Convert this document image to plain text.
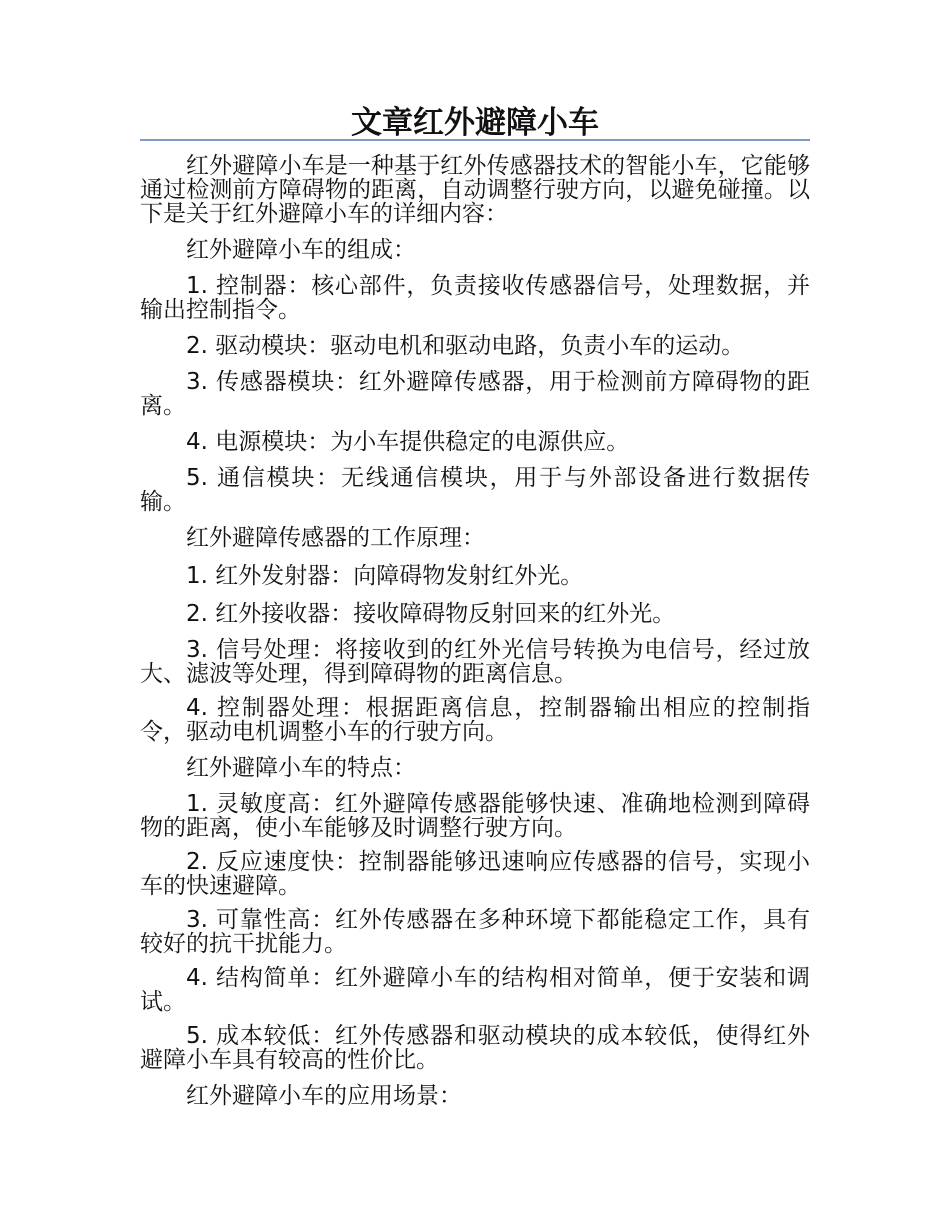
文章红外避障小车

红外避障小车是一种基于红外传感器技术的智能小车，它能够通过检测前方障碍物的距离，自动调整行驶方向，以避免碰撞。以下是关于红外避障小车的详细内容：

红外避障小车的组成：

1. 控制器：核心部件，负责接收传感器信号，处理数据，并输出控制指令。

2. 驱动模块：驱动电机和驱动电路，负责小车的运动。

3. 传感器模块：红外避障传感器，用于检测前方障碍物的距离。

4. 电源模块：为小车提供稳定的电源供应。

5. 通信模块：无线通信模块，用于与外部设备进行数据传输。

红外避障传感器的工作原理：

1. 红外发射器：向障碍物发射红外光。

2. 红外接收器：接收障碍物反射回来的红外光。

3. 信号处理：将接收到的红外光信号转换为电信号，经过放大、滤波等处理，得到障碍物的距离信息。

4. 控制器处理：根据距离信息，控制器输出相应的控制指令，驱动电机调整小车的行驶方向。

红外避障小车的特点：

1. 灵敏度高：红外避障传感器能够快速、准确地检测到障碍物的距离，使小车能够及时调整行驶方向。

2. 反应速度快：控制器能够迅速响应传感器的信号，实现小车的快速避障。

3. 可靠性高：红外传感器在多种环境下都能稳定工作，具有较好的抗干扰能力。

4. 结构简单：红外避障小车的结构相对简单，便于安装和调试。

5. 成本较低：红外传感器和驱动模块的成本较低，使得红外避障小车具有较高的性价比。

红外避障小车的应用场景：
